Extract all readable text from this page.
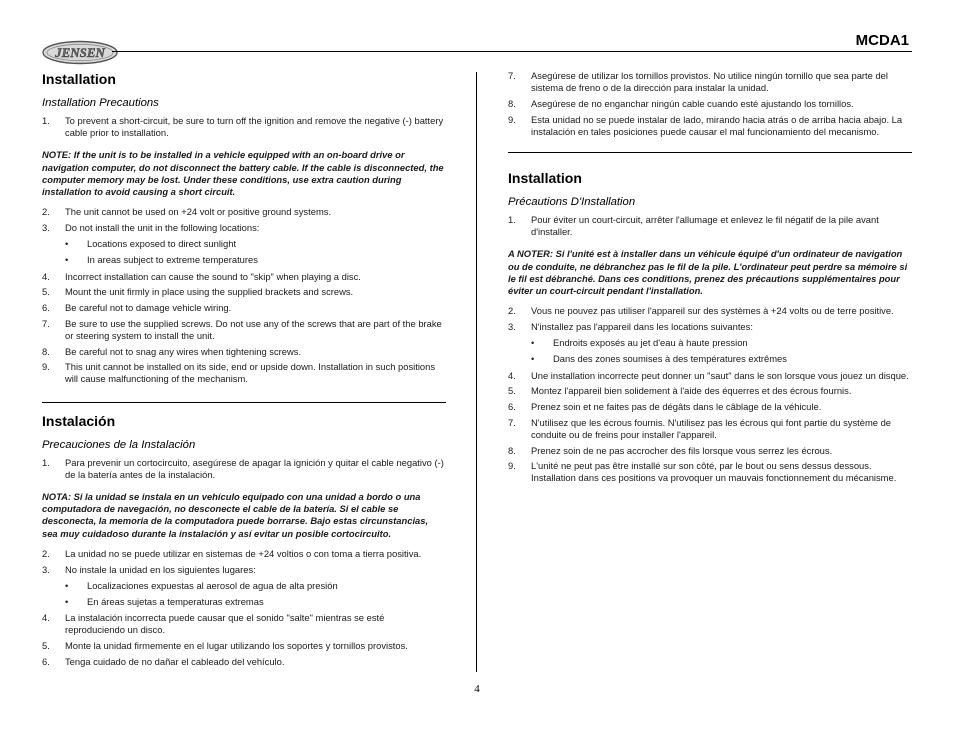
JENSEN
MCDA1
Installation
Installation Precautions
1. To prevent a short-circuit, be sure to turn off the ignition and remove the negative (-) battery cable prior to installation.
NOTE: If the unit is to be installed in a vehicle equipped with an on-board drive or navigation computer, do not disconnect the battery cable. If the cable is disconnected, the computer memory may be lost. Under these conditions, use extra caution during installation to avoid causing a short circuit.
2. The unit cannot be used on +24 volt or positive ground systems.
3. Do not install the unit in the following locations:
• Locations exposed to direct sunlight
• In areas subject to extreme temperatures
4. Incorrect installation can cause the sound to "skip" when playing a disc.
5. Mount the unit firmly in place using the supplied brackets and screws.
6. Be careful not to damage vehicle wiring.
7. Be sure to use the supplied screws. Do not use any of the screws that are part of the brake or steering system to install the unit.
8. Be careful not to snag any wires when tightening screws.
9. This unit cannot be installed on its side, end or upside down. Installation in such positions will cause malfunctioning of the mechanism.
Instalación
Precauciones de la Instalación
1. Para prevenir un cortocircuito, asegúrese de apagar la ignición y quitar el cable negativo (-) de la batería antes de la instalación.
NOTA: Si la unidad se instala en un vehículo equipado con una unidad a bordo o una computadora de navegación, no desconecte el cable de la batería. Si el cable se desconecta, la memoria de la computadora puede borrarse. Bajo estas circunstancias, sea muy cuidadoso durante la instalación y así evitar un posible cortocircuito.
2. La unidad no se puede utilizar en sistemas de +24 voltios o con toma a tierra positiva.
3. No instale la unidad en los siguientes lugares:
• Localizaciones expuestas al aerosol de agua de alta presión
• En áreas sujetas a temperaturas extremas
4. La instalación incorrecta puede causar que el sonido "salte" mientras se esté reproduciendo un disco.
5. Monte la unidad firmemente en el lugar utilizando los soportes y tornillos provistos.
6. Tenga cuidado de no dañar el cableado del vehículo.
7. Asegúrese de utilizar los tornillos provistos. No utilice ningún tornillo que sea parte del sistema de freno o de la dirección para instalar la unidad.
8. Asegúrese de no enganchar ningún cable cuando esté ajustando los tornillos.
9. Esta unidad no se puede instalar de lado, mirando hacia atrás o de arriba hacia abajo. La instalación en tales posiciones puede causar el mal funcionamiento del mecanismo.
Installation
Précautions D'Installation
1. Pour éviter un court-circuit, arrêter l'allumage et enlevez le fil négatif de la pile avant d'installer.
A NOTER: Si l'unité est à installer dans un véhicule équipé d'un ordinateur de navigation ou de conduite, ne débranchez pas le fil de la pile. L'ordinateur peut perdre sa mémoire si le fil est débranché. Dans ces conditions, prenez des précautions supplémentaires pour éviter un court-circuit pendant l'installation.
2. Vous ne pouvez pas utiliser l'appareil sur des systèmes à +24 volts ou de terre positive.
3. N'installez pas l'appareil dans les locations suivantes:
• Endroits exposés au jet d'eau à haute pression
• Dans des zones soumises à des températures extrêmes
4. Une installation incorrecte peut donner un "saut" dans le son lorsque vous jouez un disque.
5. Montez l'appareil bien solidement à l'aide des équerres et des écrous fournis.
6. Prenez soin et ne faites pas de dégâts dans le câblage de la véhicule.
7. N'utilisez que les écrous fournis. N'utilisez pas les écrous qui font partie du système de conduite ou de freins pour installer l'appareil.
8. Prenez soin de ne pas accrocher des fils lorsque vous serrez les écrous.
9. L'unité ne peut pas être installé sur son côté, par le bout ou sens dessus dessous. Installation dans ces positions va provoquer un mauvais fonctionnement du mécanisme.
4
